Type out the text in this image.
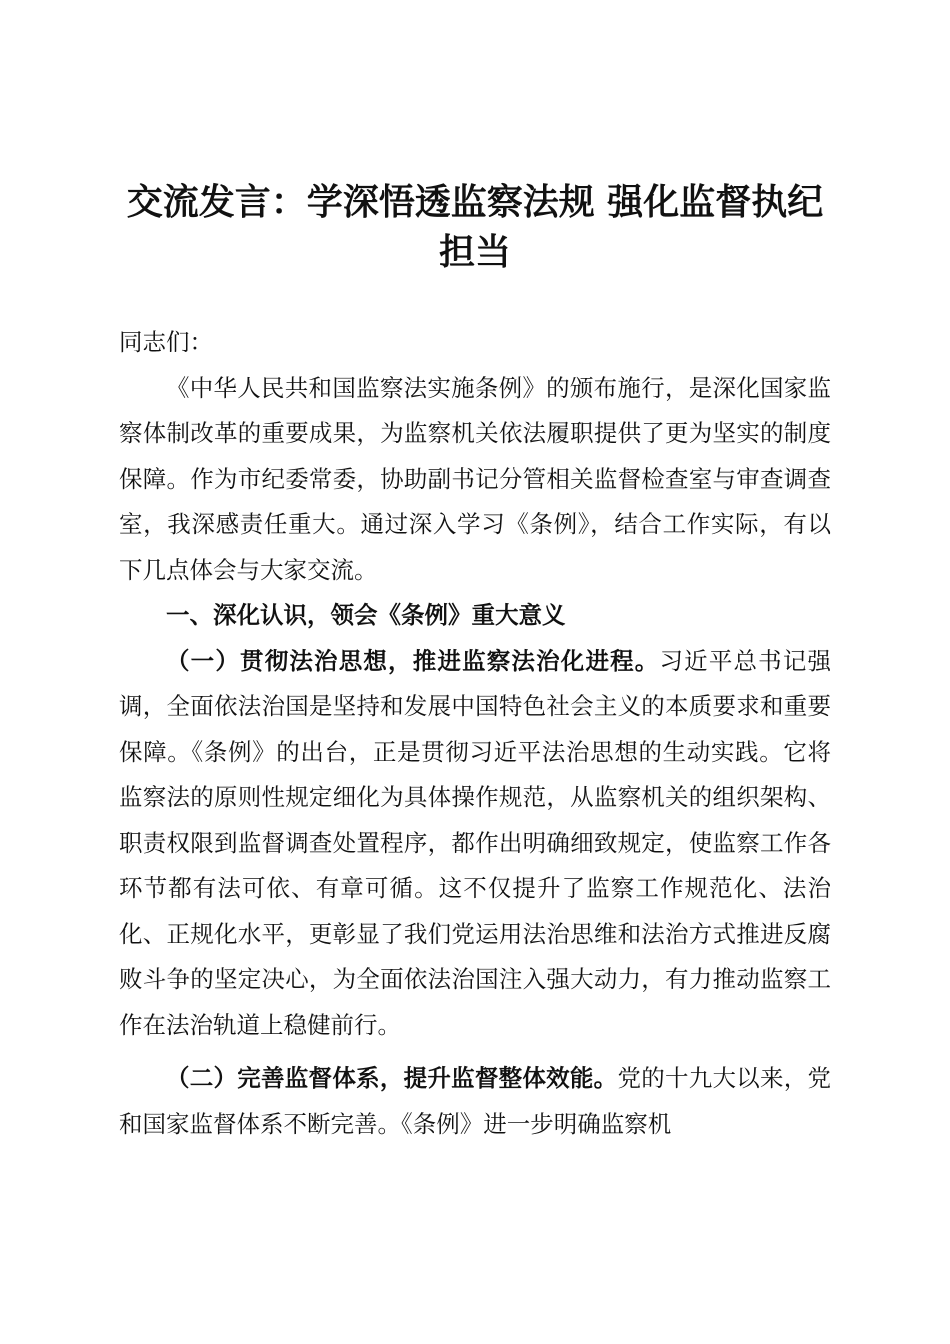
交流发言：学深悟透监察法规 强化监督执纪
担当

同志们：

《中华人民共和国监察法实施条例》的颁布施行，是深化国家监察体制改革的重要成果，为监察机关依法履职提供了更为坚实的制度保障。作为市纪委常委，协助副书记分管相关监督检查室与审查调查室，我深感责任重大。通过深入学习《条例》，结合工作实际，有以下几点体会与大家交流。

一、深化认识，领会《条例》重大意义

（一）贯彻法治思想，推进监察法治化进程。习近平总书记强调，全面依法治国是坚持和发展中国特色社会主义的本质要求和重要保障。《条例》的出台，正是贯彻习近平法治思想的生动实践。它将监察法的原则性规定细化为具体操作规范，从监察机关的组织架构、职责权限到监督调查处置程序，都作出明确细致规定，使监察工作各环节都有法可依、有章可循。这不仅提升了监察工作规范化、法治化、正规化水平，更彰显了我们党运用法治思维和法治方式推进反腐败斗争的坚定决心，为全面依法治国注入强大动力，有力推动监察工作在法治轨道上稳健前行。

（二）完善监督体系，提升监督整体效能。党的十九大以来，党和国家监督体系不断完善。《条例》进一步明确监察机
